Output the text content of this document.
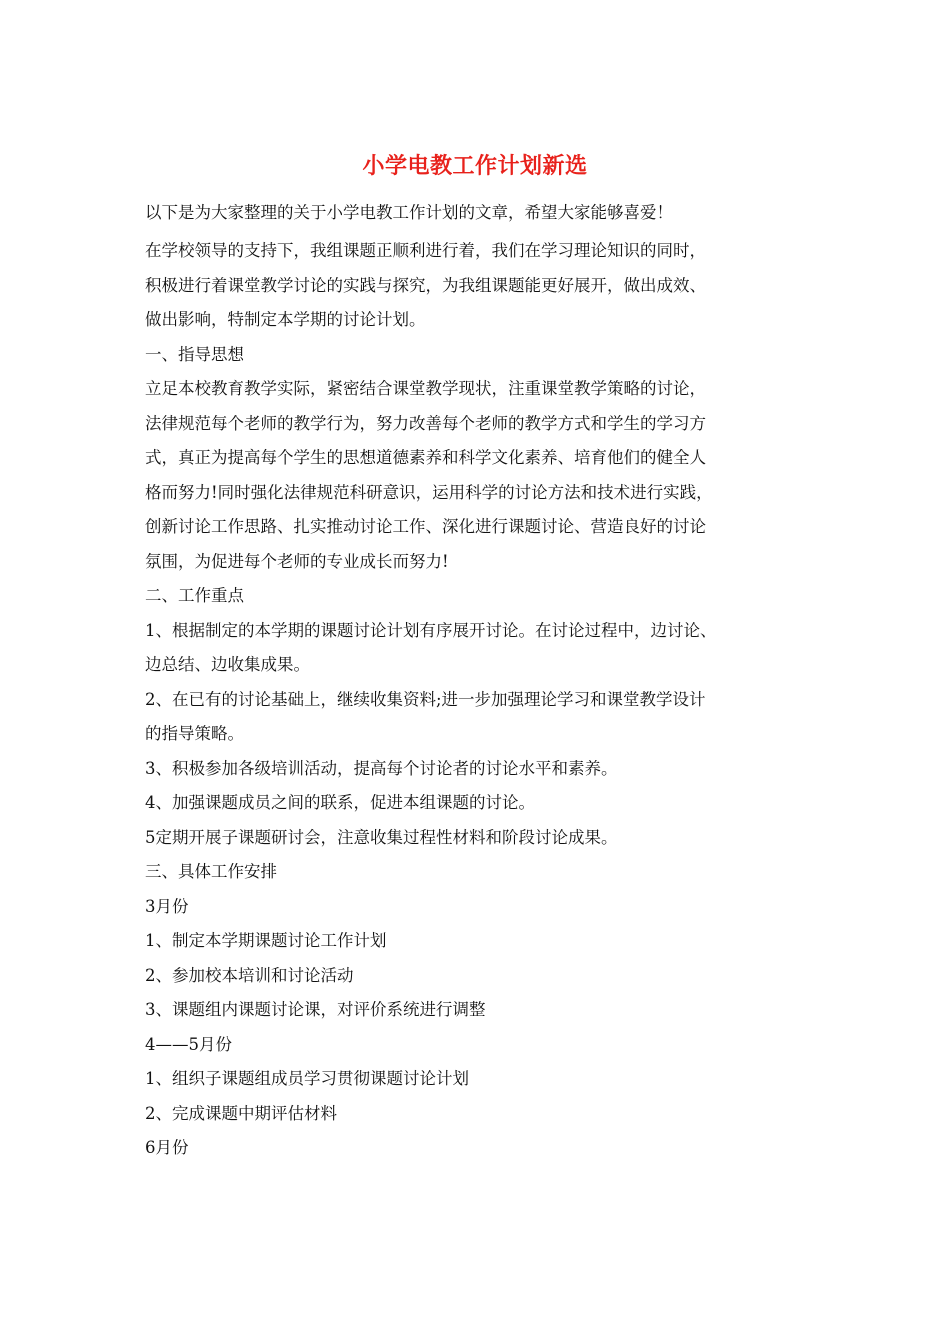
小学电教工作计划新选
以下是为大家整理的关于小学电教工作计划的文章，希望大家能够喜爱！
在学校领导的支持下，我组课题正顺利进行着，我们在学习理论知识的同时，
积极进行着课堂教学讨论的实践与探究，为我组课题能更好展开，做出成效、
做出影响，特制定本学期的讨论计划。
一、指导思想
立足本校教育教学实际，紧密结合课堂教学现状，注重课堂教学策略的讨论，
法律规范每个老师的教学行为，努力改善每个老师的教学方式和学生的学习方
式，真正为提高每个学生的思想道德素养和科学文化素养、培育他们的健全人
格而努力!同时强化法律规范科研意识，运用科学的讨论方法和技术进行实践，
创新讨论工作思路、扎实推动讨论工作、深化进行课题讨论、营造良好的讨论
氛围，为促进每个老师的专业成长而努力!
二、工作重点
1、根据制定的本学期的课题讨论计划有序展开讨论。在讨论过程中，边讨论、
边总结、边收集成果。
2、在已有的讨论基础上，继续收集资料;进一步加强理论学习和课堂教学设计
的指导策略。
3、积极参加各级培训活动，提高每个讨论者的讨论水平和素养。
4、加强课题成员之间的联系，促进本组课题的讨论。
5定期开展子课题研讨会，注意收集过程性材料和阶段讨论成果。
三、具体工作安排
3月份
1、制定本学期课题讨论工作计划
2、参加校本培训和讨论活动
3、课题组内课题讨论课，对评价系统进行调整
4——5月份
1、组织子课题组成员学习贯彻课题讨论计划
2、完成课题中期评估材料
6月份
